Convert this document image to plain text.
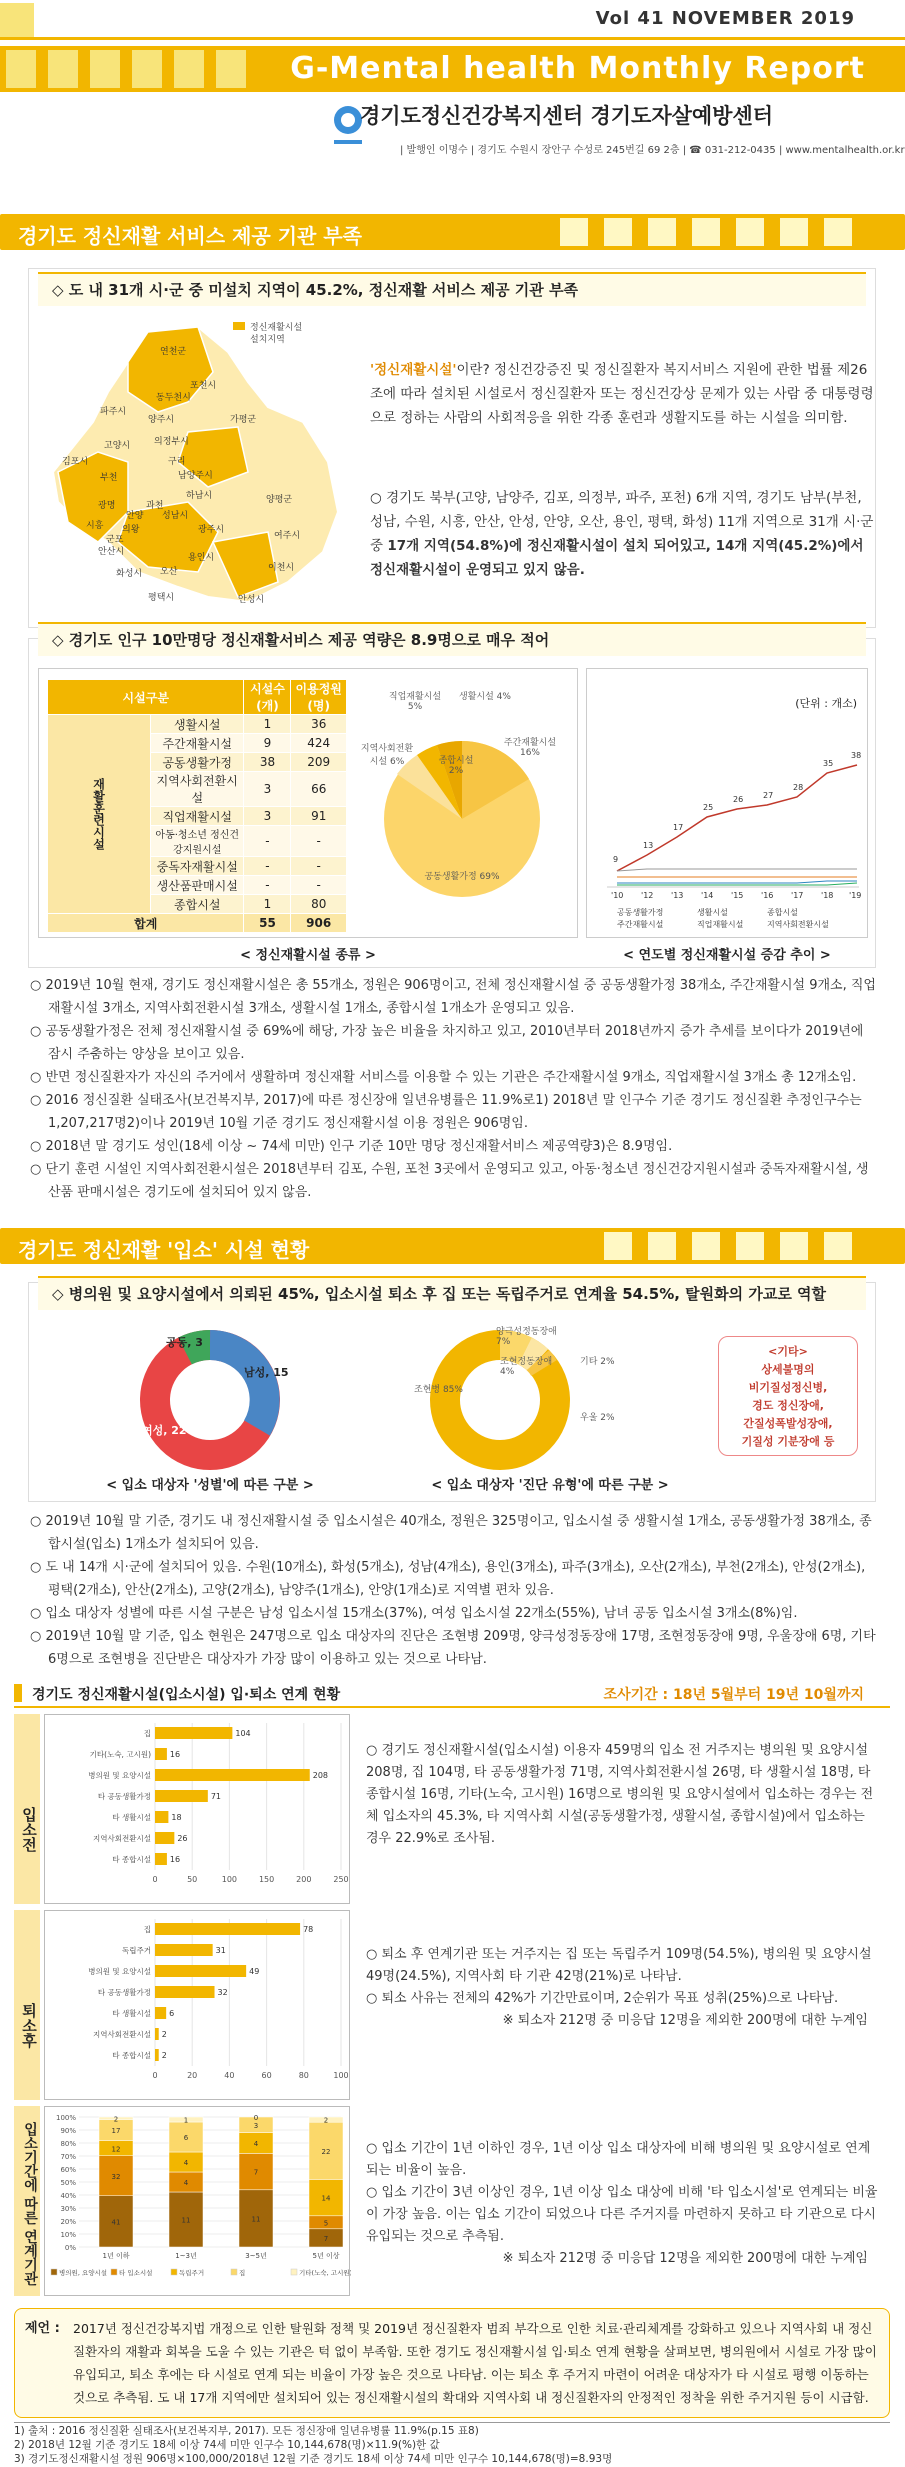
Vol 41 NOVEMBER 2019
G-Mental health Monthly Report
경기도정신건강복지센터 경기도자살예방센터
| 발행인 이명수 | 경기도 수원시 장안구 수성로 245번길 69 2층 | ☎ 031-212-0435 | www.mentalhealth.or.kr
경기도 정신재활 서비스 제공 기관 부족
◇ 도 내 31개 시·군 중 미설치 지역이 45.2%, 정신재활 서비스 제공 기관 부족
정신재활시설
설치지역
연천군
포천시
파주시
동두천시
양주시
고양시	의정부시
가평군
김포시	구리
남양주시
부천
하남시	양평군
광명
안양
과천
성남시
시흥 의왕
군포
광주시
안산시
여주시
용인시
화성시 오산	이천시
평택시	안성시
'정신재활시설'이란? 정신건강증진 및 정신질환자 복지서비스 지원에 관한 법률 제26조에 따라 설치된 시설로서 정신질환자 또는 정신건강상 문제가 있는 사람 중 대통령령으로 정하는 사람의 사회적응을 위한 각종 훈련과 생활지도를 하는 시설을 의미함.
○ 경기도 북부(고양, 남양주, 김포, 의정부, 파주, 포천) 6개 지역, 경기도 남부(부천, 성남, 수원, 시흥, 안산, 안성, 안양, 오산, 용인, 평택, 화성) 11개 지역으로 31개 시·군 중 17개 지역(54.8%)에 정신재활시설이 설치 되어있고, 14개 지역(45.2%)에서 정신재활시설이 운영되고 있지 않음.
◇ 경기도 인구 10만명당 정신재활서비스 제공 역량은 8.9명으로 매우 적어
시설구분		시설수(개)	이용정원(명)
재활훈련시설	생활시설	1	36
	주간재활시설	9	424
	공동생활가정	38	209
	지역사회전환시설	3	66
	직업재활시설	3	91
	아동·청소년 정신건강지원시설	-	-
	중독자재활시설	-	-
	생산품판매시설	-	-
	종합시설	1	80
합계		55	906
직업재활시설 5%
생활시설 4%
지역사회전환시설 6%
주간재활시설 16%
종합시설 2%
공동생활가정 69%
< 정신재활시설 종류 >
(단위 : 개소)
9
13
17
25
26 27
28
35
38
'10 '12 '13 '14 '15 '16 '17 '18 '19
공동생활가정	생활시설	종합시설
주간재활시설	직업재활시설	지역사회전환시설
< 연도별 정신재활시설 증감 추이 >
○ 2019년 10월 현재, 경기도 정신재활시설은 총 55개소, 정원은 906명이고, 전체 정신재활시설 중 공동생활가정 38개소, 주간재활시설 9개소, 직업재활시설 3개소, 지역사회전환시설 3개소, 생활시설 1개소, 종합시설 1개소가 운영되고 있음.
○ 공동생활가정은 전체 정신재활시설 중 69%에 해당, 가장 높은 비율을 차지하고 있고, 2010년부터 2018년까지 증가 추세를 보이다가 2019년에 잠시 주춤하는 양상을 보이고 있음.
○ 반면 정신질환자가 자신의 주거에서 생활하며 정신재활 서비스를 이용할 수 있는 기관은 주간재활시설 9개소, 직업재활시설 3개소 총 12개소임.
○ 2016 정신질환 실태조사(보건복지부, 2017)에 따른 정신장애 일년유병률은 11.9%로1) 2018년 말 인구수 기준 경기도 정신질환 추정인구수는 1,207,217명2)이나 2019년 10월 기준 경기도 정신재활시설 이용 정원은 906명임.
○ 2018년 말 경기도 성인(18세 이상 ~ 74세 미만) 인구 기준 10만 명당 정신재활서비스 제공역량3)은 8.9명임.
○ 단기 훈련 시설인 지역사회전환시설은 2018년부터 김포, 수원, 포천 3곳에서 운영되고 있고, 아동·청소년 정신건강지원시설과 중독자재활시설, 생산품 판매시설은 경기도에 설치되어 있지 않음.
경기도 정신재활 '입소' 시설 현황
◇ 병의원 및 요양시설에서 의뢰된 45%, 입소시설 퇴소 후 집 또는 독립주거로 연계율 54.5%, 탈원화의 가교로 역할
공동, 3
남성, 15
여성, 22
양극성정동장애 7%
조현정동장애 4%
기타 2%
우울 2%
조현병 85%
<기타>
상세불명의
비기질성정신병,
경도 정신장애,
간질성폭발성장애,
기질성 기분장애 등
< 입소 대상자 '성별'에 따른 구분 >	< 입소 대상자 '진단 유형'에 따른 구분 >
○ 2019년 10월 말 기준, 경기도 내 정신재활시설 중 입소시설은 40개소, 정원은 325명이고, 입소시설 중 생활시설 1개소, 공동생활가정 38개소, 종합시설(입소) 1개소가 설치되어 있음.
○ 도 내 14개 시·군에 설치되어 있음. 수원(10개소), 화성(5개소), 성남(4개소), 용인(3개소), 파주(3개소), 오산(2개소), 부천(2개소), 안성(2개소), 평택(2개소), 안산(2개소), 고양(2개소), 남양주(1개소), 안양(1개소)로 지역별 편차 있음.
○ 입소 대상자 성별에 따른 시설 구분은 남성 입소시설 15개소(37%), 여성 입소시설 22개소(55%), 남녀 공동 입소시설 3개소(8%)임.
○ 2019년 10월 말 기준, 입소 현원은 247명으로 입소 대상자의 진단은 조현병 209명, 양극성정동장애 17명, 조현정동장애 9명, 우울장애 6명, 기타 6명으로 조현병을 진단받은 대상자가 가장 많이 이용하고 있는 것으로 나타남.
경기도 정신재활시설(입소시설) 입·퇴소 연계 현황	조사기간 : 18년 5월부터 19년 10월까지
입소전
0	50	100	150	200	250
집	104
기타(노숙, 고시원) 16
병의원 및 요양시설	208
타 공동생활가정	71
타 생활시설	18
지역사회전환시설	26
타 종합시설 16
○ 경기도 정신재활시설(입소시설) 이용자 459명의 입소 전 거주지는 병의원 및 요양시설 208명, 집 104명, 타 공동생활가정 71명, 지역사회전환시설 26명, 타 생활시설 18명, 타 종합시설 16명, 기타(노숙, 고시원) 16명으로 병의원 및 요양시설에서 입소하는 경우는 전체 입소자의 45.3%, 타 지역사회 시설(공동생활가정, 생활시설, 종합시설)에서 입소하는 경우 22.9%로 조사됨.
퇴소후
0	20	40	60	80	100
집	78
독립주거	31
병의원 및 요양시설	49
타 공동생활가정	32
타 생활시설 6
지역사회전환시설 2
타 종합시설 2
○ 퇴소 후 연계기관 또는 거주지는 집 또는 독립주거 109명(54.5%), 병의원 및 요양시설 49명(24.5%), 지역사회 타 기관 42명(21%)로 나타남.
○ 퇴소 사유는 전체의 42%가 기간만료이며, 2순위가 목표 성취(25%)으로 나타남.
※ 퇴소자 212명 중 미응답 12명을 제외한 200명에 대한 누계임
입소기간에 따른 연계기관	0%
10%
20%
30%
40%
50%
60%
70%
80%
90%
100%
41
32
12
17
2
1년 이하
11
4
4
6
1
1~3년
11
7
4
3
0
3~5년
7
5
14
22
2
5년 이상
병의원, 요양시설 타 입소시설	독립주거	집	기타(노숙, 고시원)
○ 입소 기간이 1년 이하인 경우, 1년 이상 입소 대상자에 비해 병의원 및 요양시설로 연계되는 비율이 높음.
○ 입소 기간이 3년 이상인 경우, 1년 이상 입소 대상에 비해 '타 입소시설'로 연계되는 비율이 가장 높음. 이는 입소 기간이 되었으나 다른 주거지를 마련하지 못하고 타 기관으로 다시 유입되는 것으로 추측됨.
※ 퇴소자 212명 중 미응답 12명을 제외한 200명에 대한 누계임
제언 : 2017년 정신건강복지법 개정으로 인한 탈원화 정책 및 2019년 정신질환자 범죄 부각으로 인한 치료·관리체계를 강화하고 있으나 지역사회 내 정신질환자의 재활과 회복을 도울 수 있는 기관은 턱 없이 부족함. 또한 경기도 정신재활시설 입·퇴소 연계 현황을 살펴보면, 병의원에서 시설로 가장 많이 유입되고, 퇴소 후에는 타 시설로 연계 되는 비율이 가장 높은 것으로 나타남. 이는 퇴소 후 주거지 마련이 어려운 대상자가 타 시설로 평행 이동하는 것으로 추측됨. 도 내 17개 지역에만 설치되어 있는 정신재활시설의 확대와 지역사회 내 정신질환자의 안정적인 정착을 위한 주거지원 등이 시급함.
1) 출처 : 2016 정신질환 실태조사(보건복지부, 2017). 모든 정신장애 일년유병률 11.9%(p.15 표8)
2) 2018년 12월 기준 경기도 18세 이상 74세 미만 인구수 10,144,678(명)×11.9(%)한 값
3) 경기도정신재활시설 정원 906명×100,000/2018년 12월 기준 경기도 18세 이상 74세 미만 인구수 10,144,678(명)=8.93명
